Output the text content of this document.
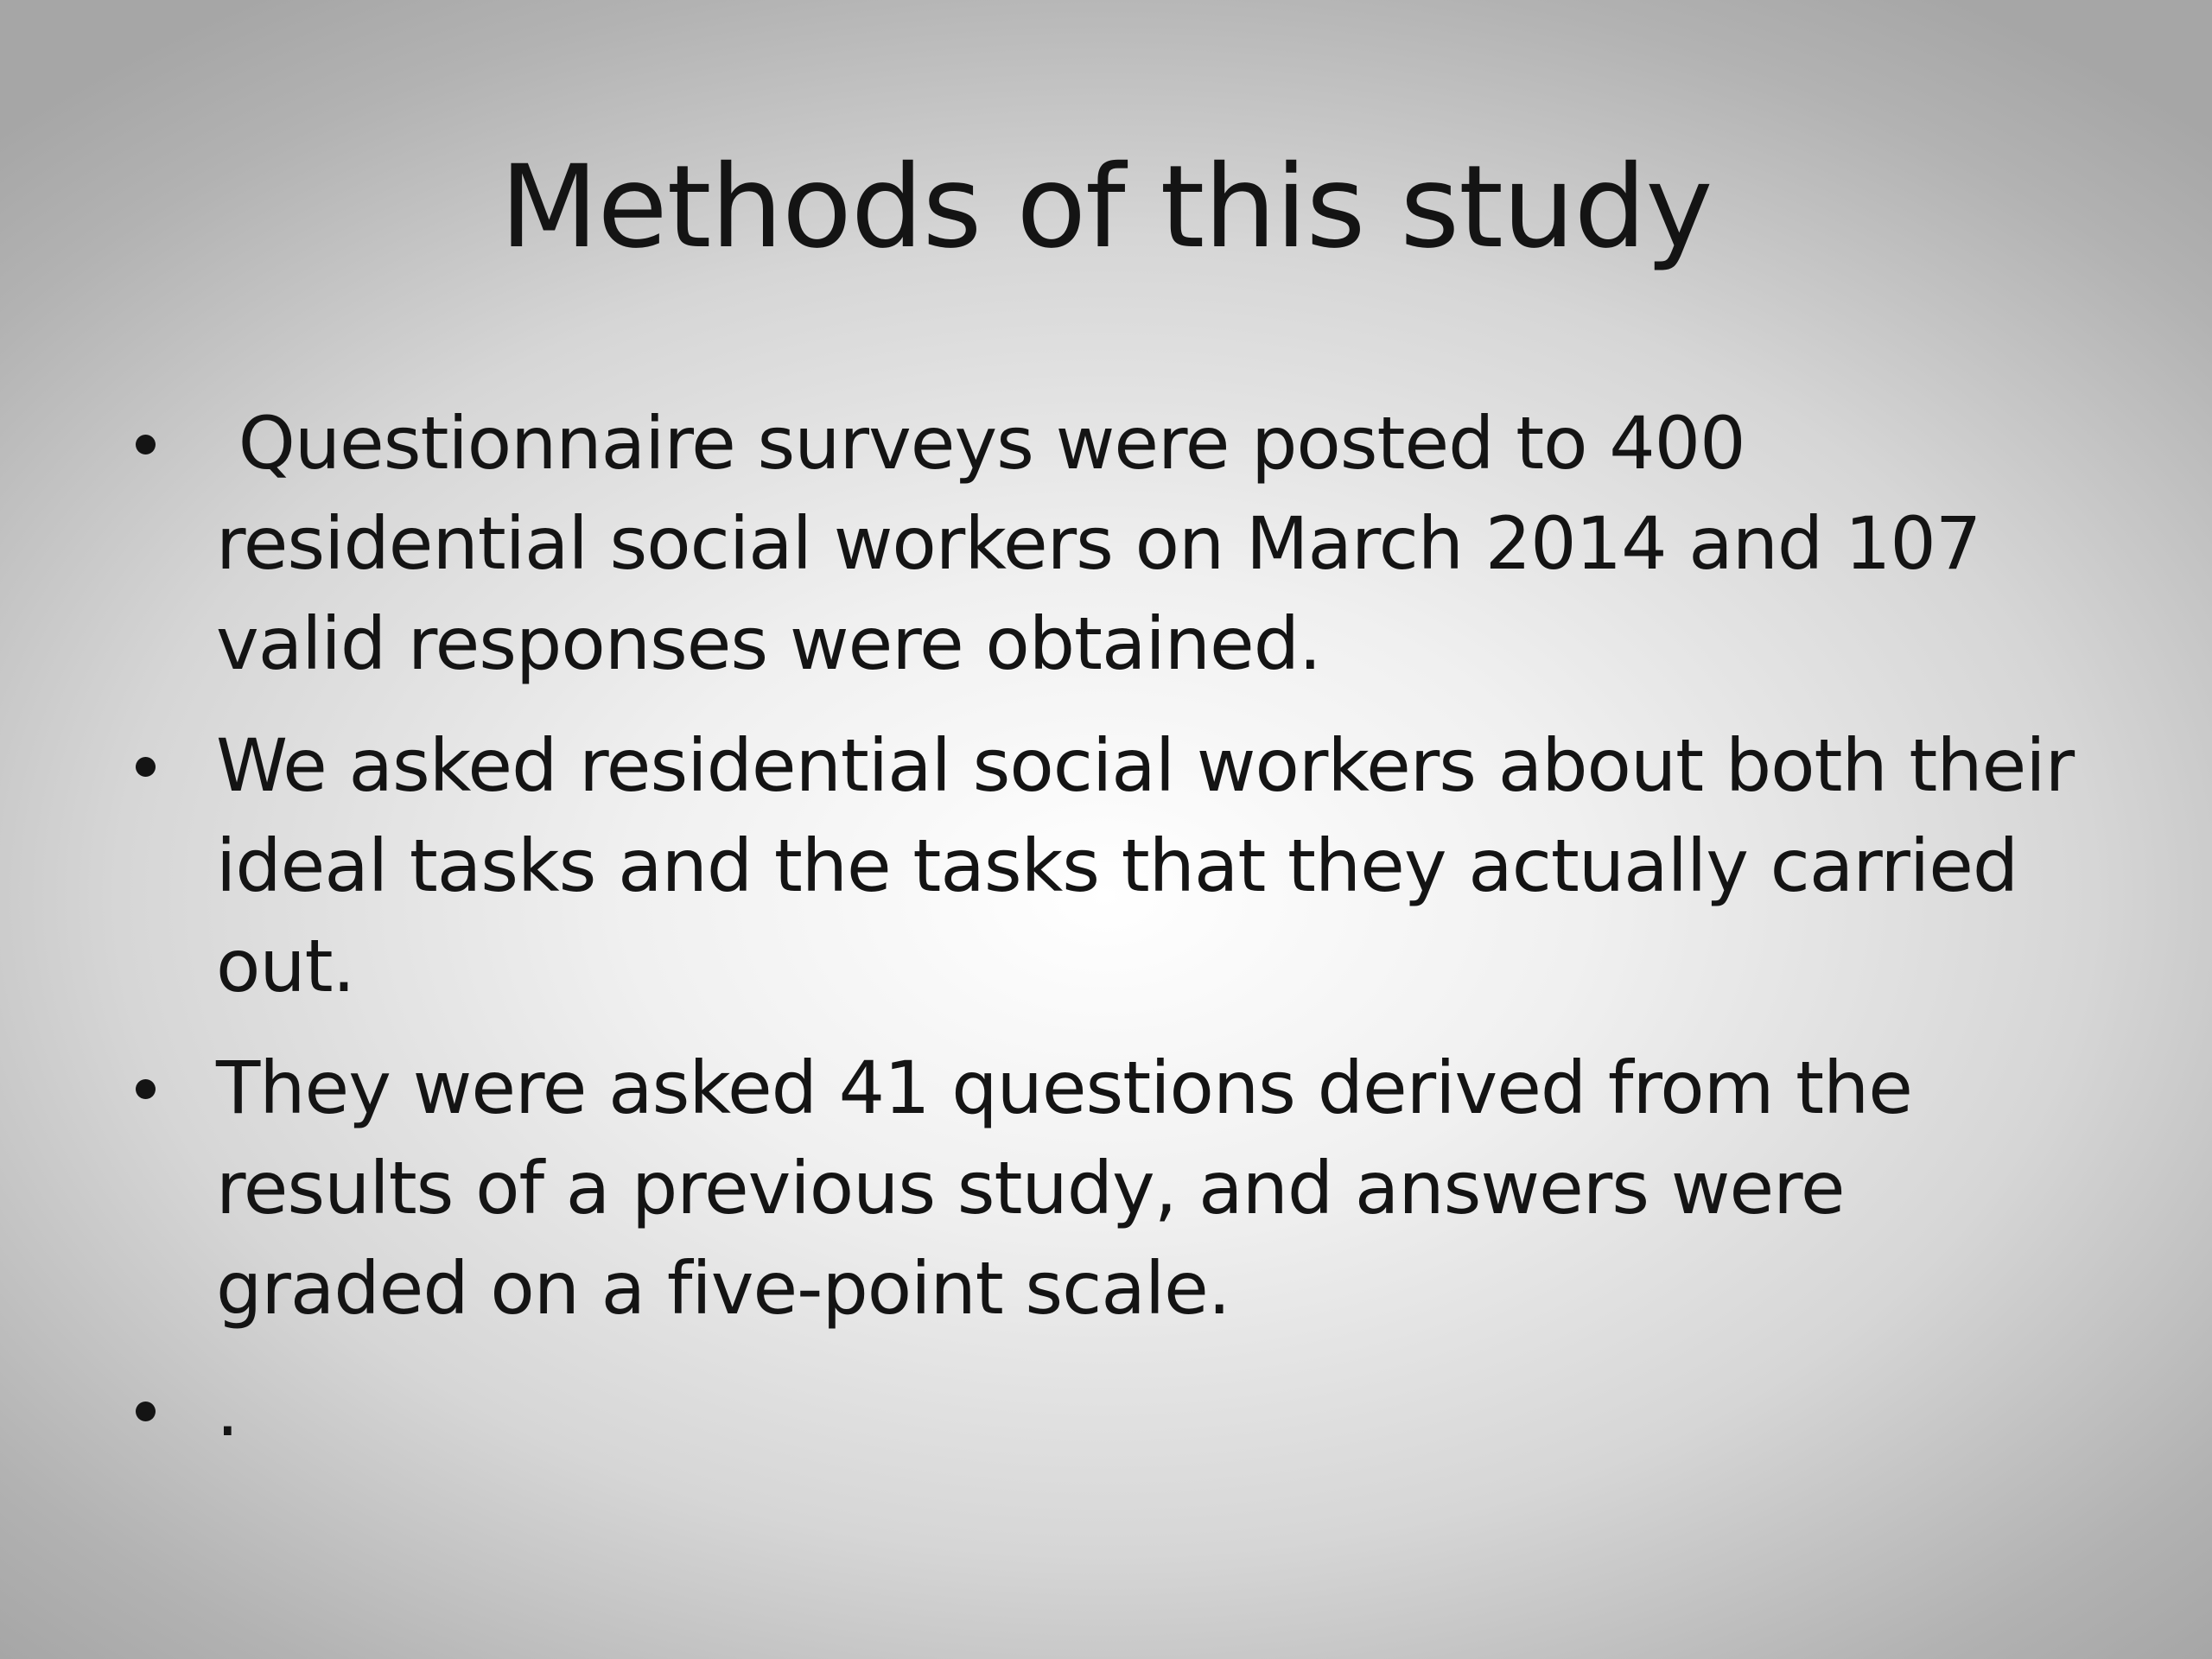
Methods of this study
Questionnaire surveys were posted to 400 residential social workers on March 2014 and 107 valid responses were obtained.
We asked residential social workers about both their ideal tasks and the tasks that they actually carried out.
They were asked 41 questions derived from the results of a previous study, and answers were graded on a five-point scale.
.
